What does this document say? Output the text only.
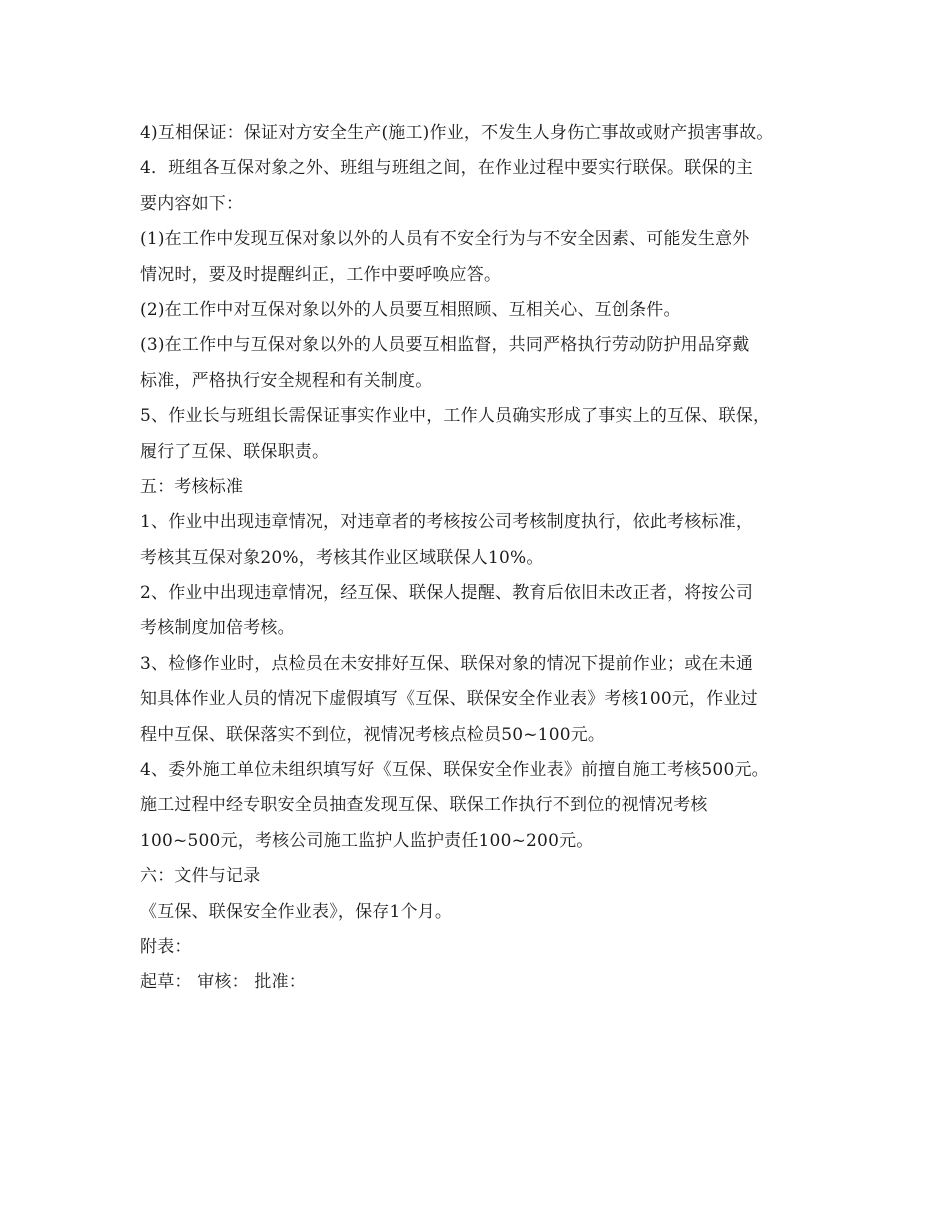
4)互相保证：保证对方安全生产(施工)作业，不发生人身伤亡事故或财产损害事故。
4．班组各互保对象之外、班组与班组之间，在作业过程中要实行联保。联保的主
要内容如下：
(1)在工作中发现互保对象以外的人员有不安全行为与不安全因素、可能发生意外
情况时，要及时提醒纠正，工作中要呼唤应答。
(2)在工作中对互保对象以外的人员要互相照顾、互相关心、互创条件。
(3)在工作中与互保对象以外的人员要互相监督，共同严格执行劳动防护用品穿戴
标准，严格执行安全规程和有关制度。
5、作业长与班组长需保证事实作业中，工作人员确实形成了事实上的互保、联保，
履行了互保、联保职责。
五：考核标准
1、作业中出现违章情况，对违章者的考核按公司考核制度执行，依此考核标准，
考核其互保对象20%，考核其作业区域联保人10%。
2、作业中出现违章情况，经互保、联保人提醒、教育后依旧未改正者，将按公司
考核制度加倍考核。
3、检修作业时，点检员在未安排好互保、联保对象的情况下提前作业；或在未通
知具体作业人员的情况下虚假填写《互保、联保安全作业表》考核100元，作业过
程中互保、联保落实不到位，视情况考核点检员50~100元。
4、委外施工单位未组织填写好《互保、联保安全作业表》前擅自施工考核500元。
施工过程中经专职安全员抽查发现互保、联保工作执行不到位的视情况考核
100~500元，考核公司施工监护人监护责任100~200元。
六：文件与记录
《互保、联保安全作业表》，保存1个月。
附表：
起草： 审核： 批准：
